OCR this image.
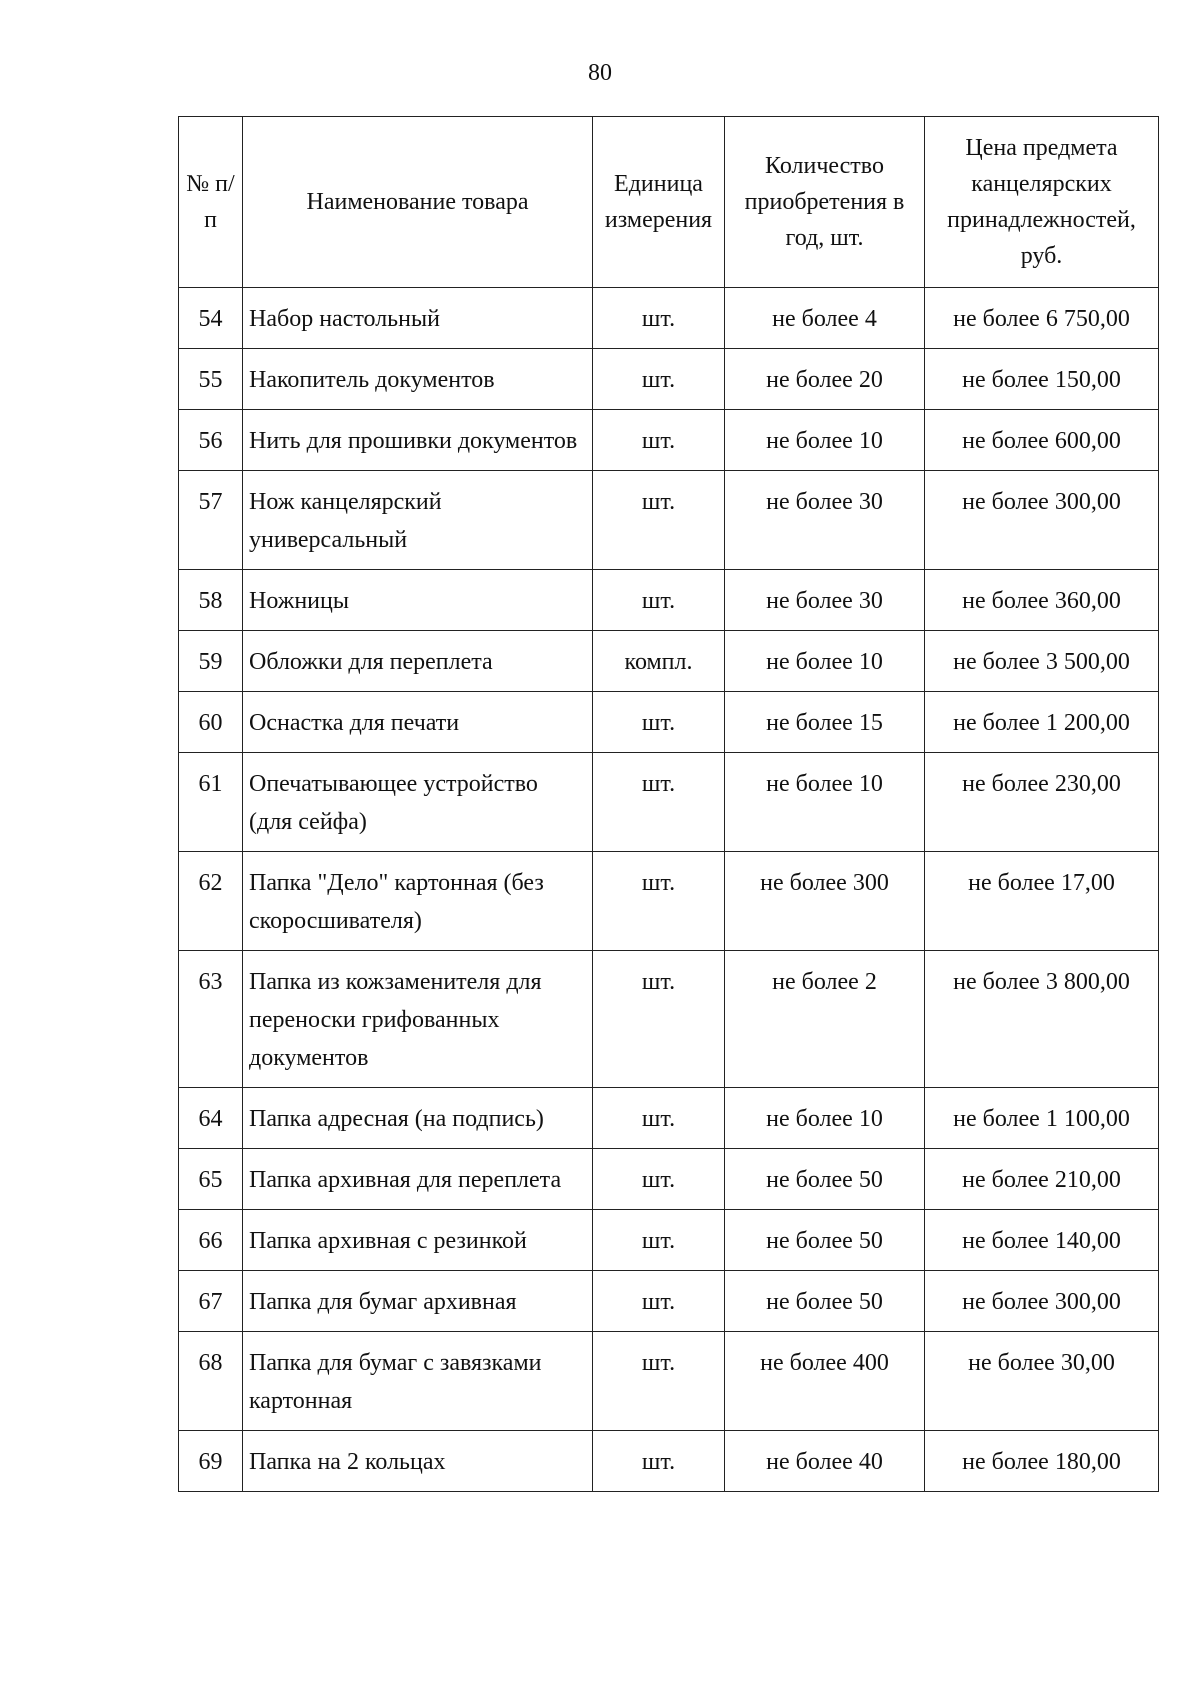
80
№ п/п	Наименование товара	Единица измерения	Количество приобретения в год, шт.	Цена предмета канцелярских принадлежностей, руб.
54	Набор настольный	шт.	не более 4	не более 6 750,00
55	Накопитель документов	шт.	не более 20	не более 150,00
56	Нить для прошивки документов	шт.	не более 10	не более 600,00
57	Нож канцелярский универсальный	шт.	не более 30	не более 300,00
58	Ножницы	шт.	не более 30	не более 360,00
59	Обложки для переплета	компл.	не более 10	не более 3 500,00
60	Оснастка для печати	шт.	не более 15	не более 1 200,00
61	Опечатывающее устройство (для сейфа)	шт.	не более 10	не более 230,00
62	Папка "Дело" картонная (без скоросшивателя)	шт.	не более 300	не более 17,00
63	Папка из кожзаменителя для переноски грифованных документов	шт.	не более 2	не более 3 800,00
64	Папка адресная (на подпись)	шт.	не более 10	не более 1 100,00
65	Папка архивная для переплета	шт.	не более 50	не более 210,00
66	Папка архивная с резинкой	шт.	не более 50	не более 140,00
67	Папка для бумаг архивная	шт.	не более 50	не более 300,00
68	Папка для бумаг с завязками картонная	шт.	не более 400	не более 30,00
69	Папка на 2 кольцах	шт.	не более 40	не более 180,00
